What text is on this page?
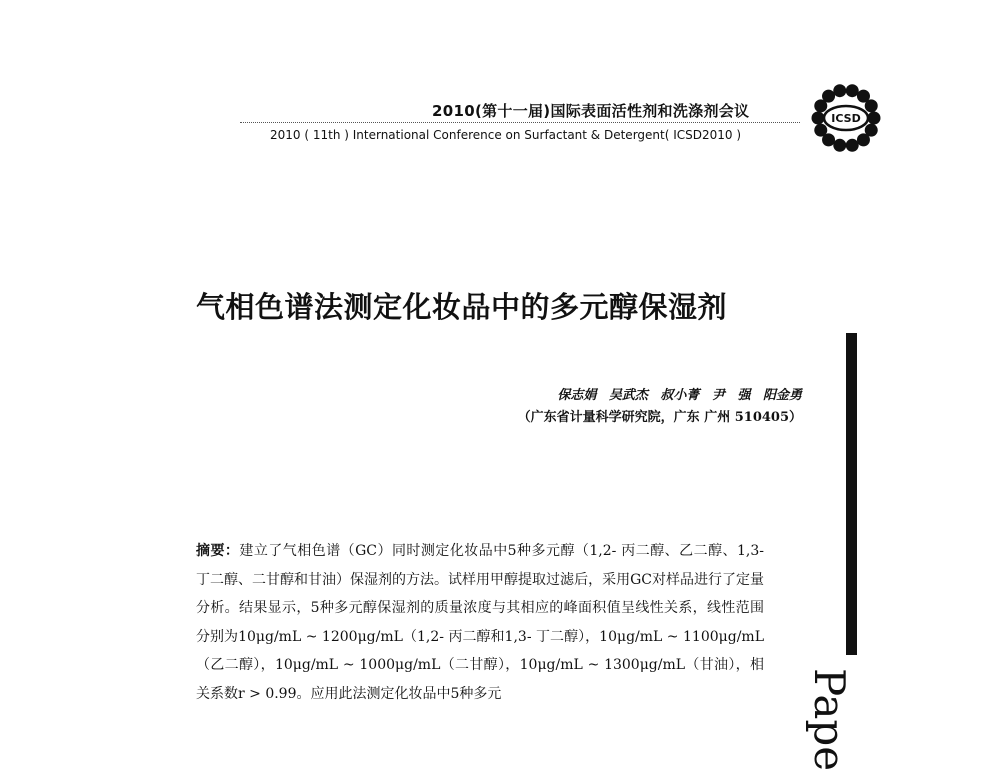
2010(第十一届)国际表面活性剂和洗涤剂会议
2010 ( 11th ) International Conference on Surfactant & Detergent( ICSD2010 )
ICSD
气相色谱法测定化妆品中的多元醇保湿剂
保志娟 吴武杰 叔小菁 尹 强 阳金勇
（广东省计量科学研究院，广东 广州 510405）
摘要：建立了气相色谱（GC）同时测定化妆品中5种多元醇（1,2- 丙二醇、乙二醇、1,3- 丁二醇、二甘醇和甘油）保湿剂的方法。试样用甲醇提取过滤后，采用GC对样品进行了定量分析。结果显示，5种多元醇保湿剂的质量浓度与其相应的峰面积值呈线性关系，线性范围分别为10μg/mL ~ 1200μg/mL（1,2- 丙二醇和1,3- 丁二醇），10μg/mL ~ 1100μg/mL（乙二醇），10μg/mL ~ 1000μg/mL（二甘醇），10μg/mL ~ 1300μg/mL（甘油），相关系数r > 0.99。应用此法测定化妆品中5种多元	Pape
